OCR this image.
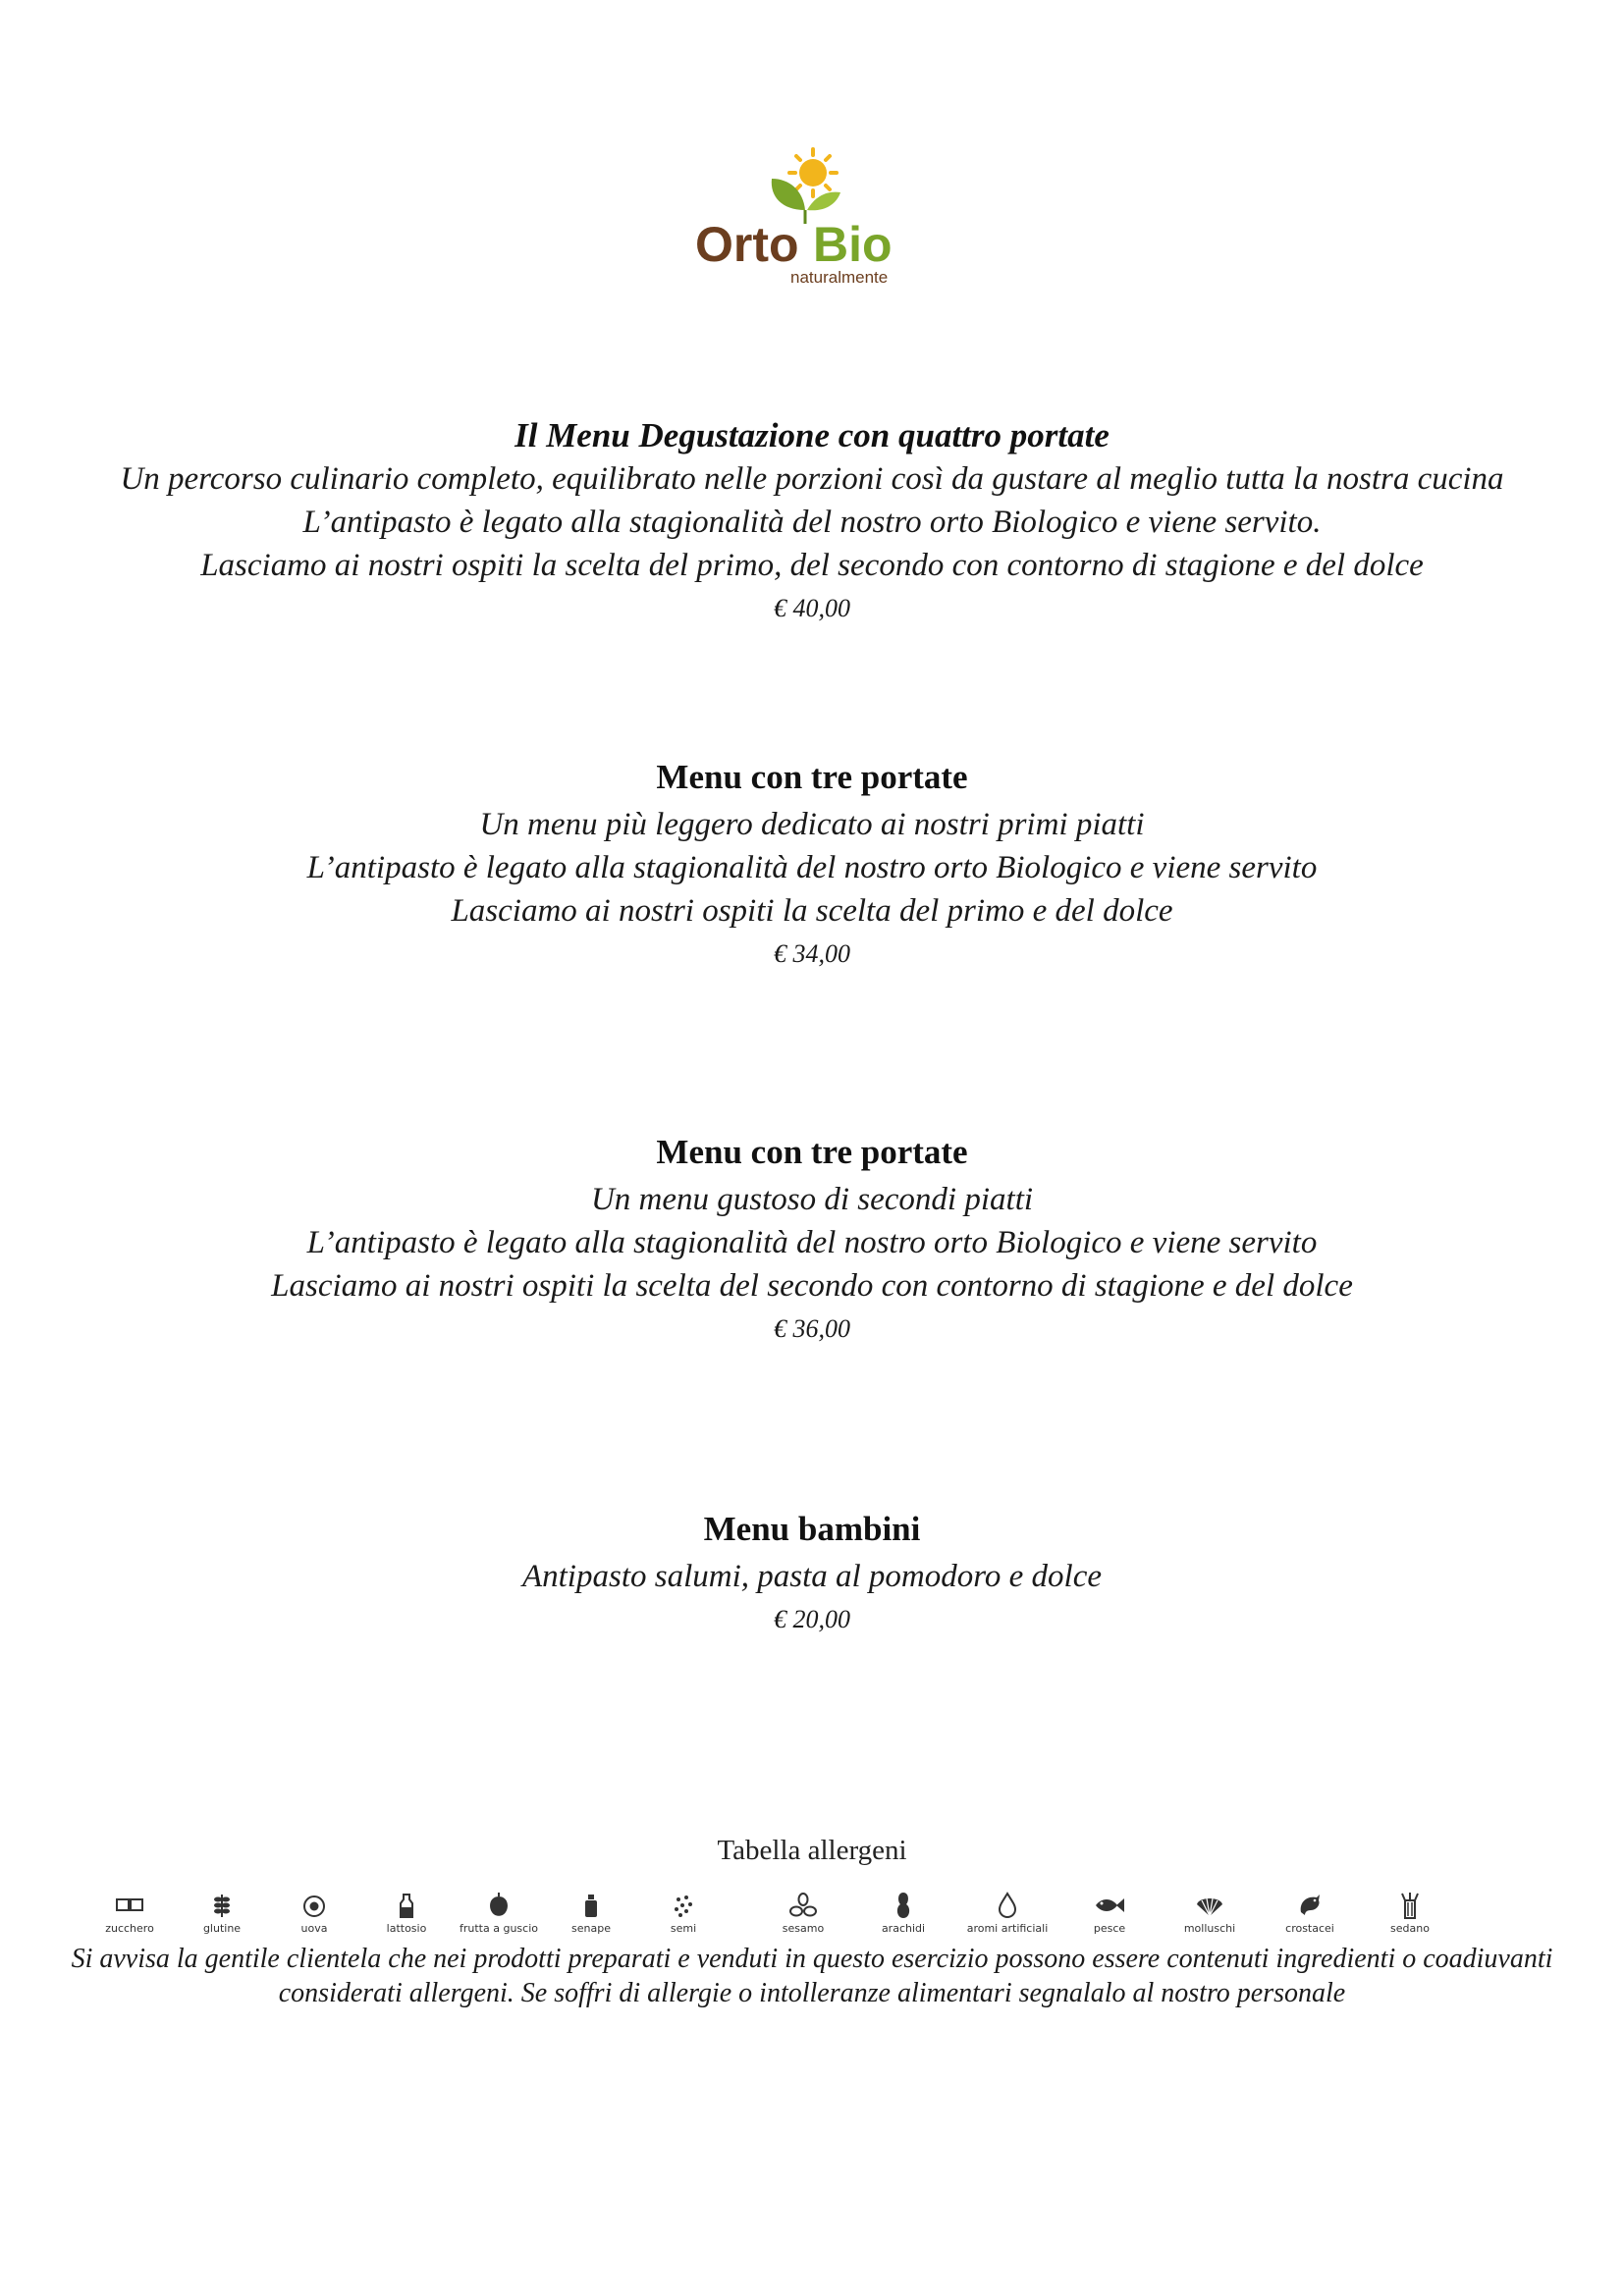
Orto Bio
naturalmente
Il Menu Degustazione con quattro portate
Un percorso culinario completo, equilibrato nelle porzioni così da gustare al meglio tutta la nostra cucina
L’antipasto è legato alla stagionalità del nostro orto Biologico e viene servito.
Lasciamo ai nostri ospiti la scelta del primo, del secondo con contorno di stagione e del dolce
€ 40,00
Menu con tre portate
Un menu più leggero dedicato ai nostri primi piatti
L’antipasto è legato alla stagionalità del nostro orto Biologico e viene servito
Lasciamo ai nostri ospiti la scelta del primo e del dolce
€ 34,00
Menu con tre portate
Un menu gustoso di secondi piatti
L’antipasto è legato alla stagionalità del nostro orto Biologico e viene servito
Lasciamo ai nostri ospiti la scelta del secondo con contorno di stagione e del dolce
€ 36,00
Menu bambini
Antipasto salumi, pasta al pomodoro e dolce
€ 20,00
Tabella allergeni
zucchero	glutine	uova	lattosio	frutta a guscio	senape	semi	sesamo	arachidi	aromi artificiali	pesce	molluschi	crostacei	sedano
Si avvisa la gentile clientela che nei prodotti preparati e venduti in questo esercizio possono essere contenuti ingredienti o coadiuvanti
considerati allergeni. Se soffri di allergie o intolleranze alimentari segnalalo al nostro personale
